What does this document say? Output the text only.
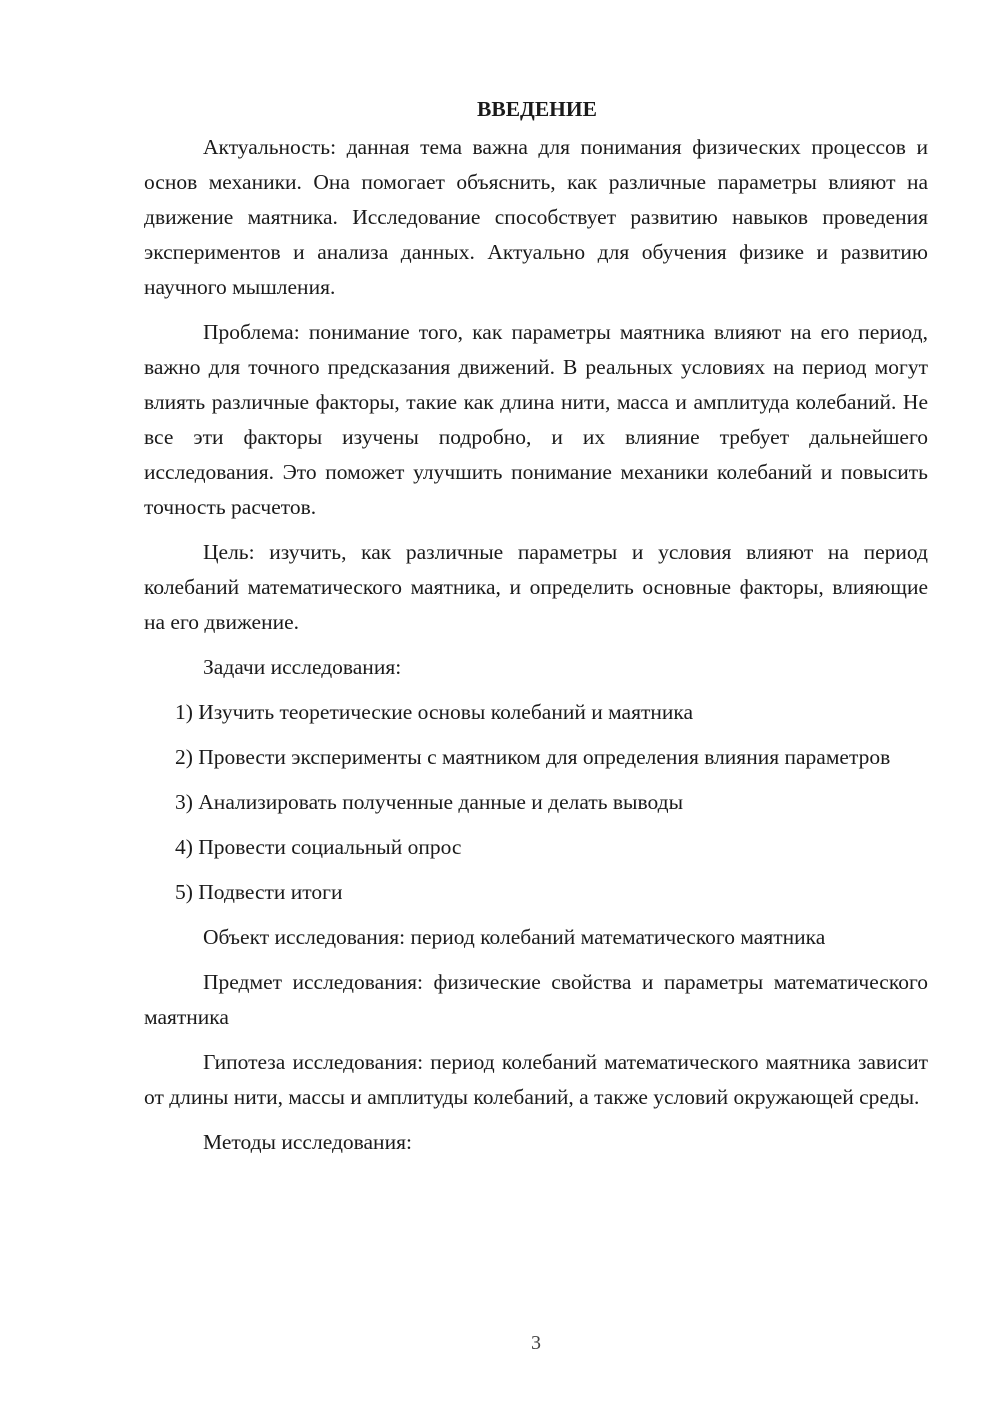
ВВЕДЕНИЕ

Актуальность: данная тема важна для понимания физических процессов и основ механики. Она помогает объяснить, как различные параметры влияют на движение маятника. Исследование способствует развитию навыков проведения экспериментов и анализа данных. Актуально для обучения физике и развитию научного мышления.

Проблема: понимание того, как параметры маятника влияют на его период, важно для точного предсказания движений. В реальных условиях на период могут влиять различные факторы, такие как длина нити, масса и амплитуда колебаний. Не все эти факторы изучены подробно, и их влияние требует дальнейшего исследования. Это поможет улучшить понимание механики колебаний и повысить точность расчетов.

Цель: изучить, как различные параметры и условия влияют на период колебаний математического маятника, и определить основные факторы, влияющие на его движение.

Задачи исследования:

1) Изучить теоретические основы колебаний и маятника

2) Провести эксперименты с маятником для определения влияния параметров

3) Анализировать полученные данные и делать выводы

4) Провести социальный опрос

5) Подвести итоги

Объект исследования: период колебаний математического маятника

Предмет исследования: физические свойства и параметры математического маятника

Гипотеза исследования: период колебаний математического маятника зависит от длины нити, массы и амплитуды колебаний, а также условий окружающей среды.

Методы исследования:

3
